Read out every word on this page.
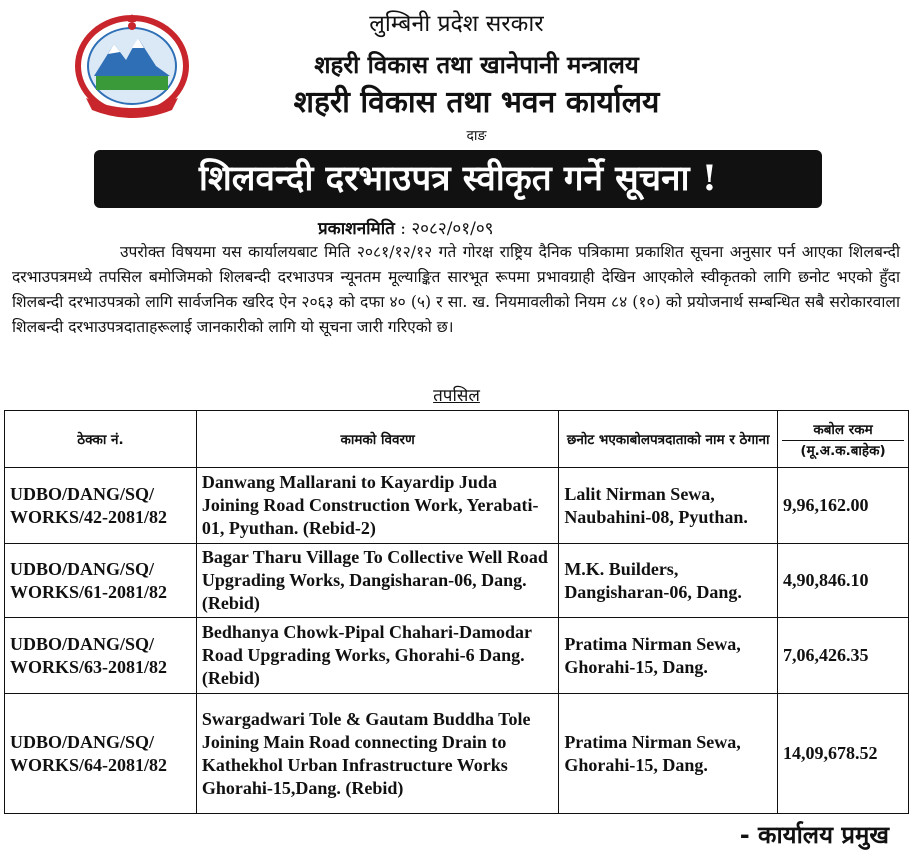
लुम्बिनी प्रदेश सरकार
शहरी विकास तथा खानेपानी मन्त्रालय
शहरी विकास तथा भवन कार्यालय
दाङ
शिलवन्दी दरभाउपत्र स्वीकृत गर्ने सूचना !
प्रकाशनमिति : २०८२/०१/०९
उपरोक्त विषयमा यस कार्यालयबाट मिति २०८१/१२/१२ गते गोरक्ष राष्ट्रिय दैनिक पत्रिकामा प्रकाशित सूचना अनुसार पर्न आएका शिलबन्दी दरभाउपत्रमध्ये तपसिल बमोजिमको शिलबन्दी दरभाउपत्र न्यूनतम मूल्याङ्कित सारभूत रूपमा प्रभावग्राही देखिन आएकोले स्वीकृतको लागि छनोट भएको हुँदा शिलबन्दी दरभाउपत्रको लागि सार्वजनिक खरिद ऐन २०६३ को दफा ४० (५) र सा. ख. नियमावलीको नियम ८४ (१०) को प्रयोजनार्थ सम्बन्धित सबै सरोकारवाला शिलबन्दी दरभाउपत्रदाताहरूलाई जानकारीको लागि यो सूचना जारी गरिएको छ।
तपसिल
ठेक्का नं.	कामको विवरण	छनोट भएकाबोलपत्रदाताको नाम र ठेगाना	कबोल रकम
(मू.अ.क.बाहेक)

UDBO/DANG/SQ/ WORKS/42-2081/82	Danwang Mallarani to Kayardip Juda Joining Road Construction Work, Yerabati-01, Pyuthan. (Rebid-2)	Lalit Nirman Sewa, Naubahini-08, Pyuthan.	9,96,162.00
UDBO/DANG/SQ/ WORKS/61-2081/82	Bagar Tharu Village To Collective Well Road Upgrading Works, Dangisharan-06, Dang. (Rebid)	M.K. Builders, Dangisharan-06, Dang.	4,90,846.10
UDBO/DANG/SQ/ WORKS/63-2081/82	Bedhanya Chowk-Pipal Chahari-Damodar Road Upgrading Works, Ghorahi-6 Dang. (Rebid)	Pratima Nirman Sewa, Ghorahi-15, Dang.	7,06,426.35
UDBO/DANG/SQ/ WORKS/64-2081/82	Swargadwari Tole & Gautam Buddha Tole Joining Main Road connecting Drain to Kathekhol Urban Infrastructure Works Ghorahi-15,Dang. (Rebid)	Pratima Nirman Sewa, Ghorahi-15, Dang.	14,09,678.52
- कार्यालय प्रमुख
